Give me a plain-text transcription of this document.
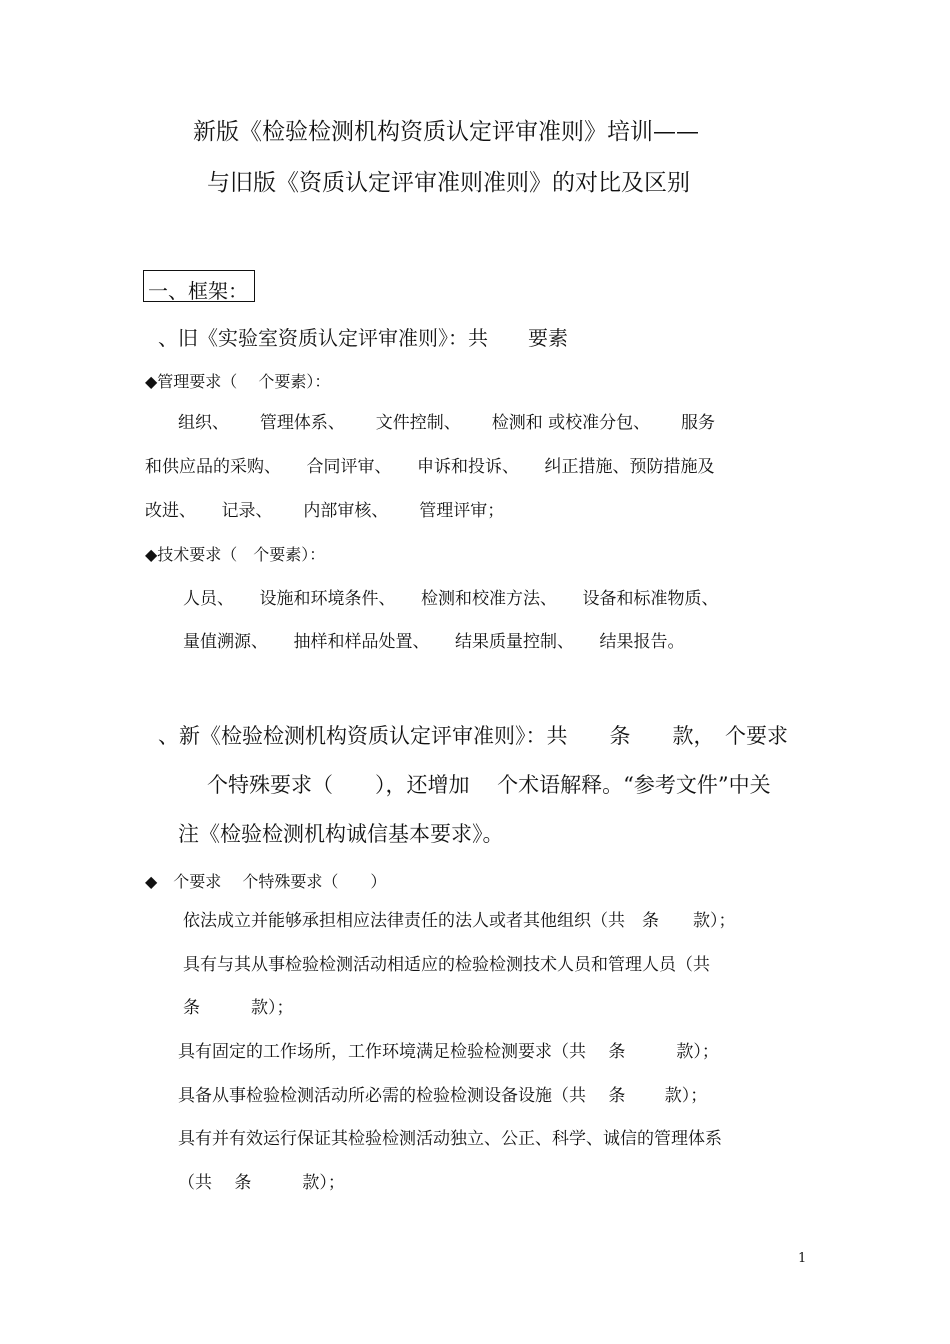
新版《检验检测机构资质认定评审准则》培训——
与旧版《资质认定评审准则准则》的对比及区别
一、框架：
、旧《实验室资质认定评审准则》：共　　要素
◆管理要求（　 个要素）：
组织、　　 管理体系、　　 文件控制、　　 检测和 或校准分包、　　 服务
和供应品的采购、　　合同评审、　　申诉和投诉、　　纠正措施、预防措施及
改进、　　记录、　　 内部审核、　　 管理评审；
◆技术要求（　个要素）：
人员、　　设施和环境条件、　　检测和校准方法、　　设备和标准物质、
量值溯源、　　抽样和样品处置、　　结果质量控制、　　结果报告。
、新《检验检测机构资质认定评审准则》：共　　条　　款，　个要求
个特殊要求（　　），还增加　 个术语解释。“参考文件”中关
注《检验检测机构诚信基本要求》。
◆　个要求　 个特殊要求（　　）
依法成立并能够承担相应法律责任的法人或者其他组织（共　条　　款）；
具有与其从事检验检测活动相适应的检验检测技术人员和管理人员（共
条　　　款）；
具有固定的工作场所，工作环境满足检验检测要求（共　 条　　　款）；
具备从事检验检测活动所必需的检验检测设备设施（共　 条　　 款）；
具有并有效运行保证其检验检测活动独立、公正、科学、诚信的管理体系
（共　 条　　　款）；
1
